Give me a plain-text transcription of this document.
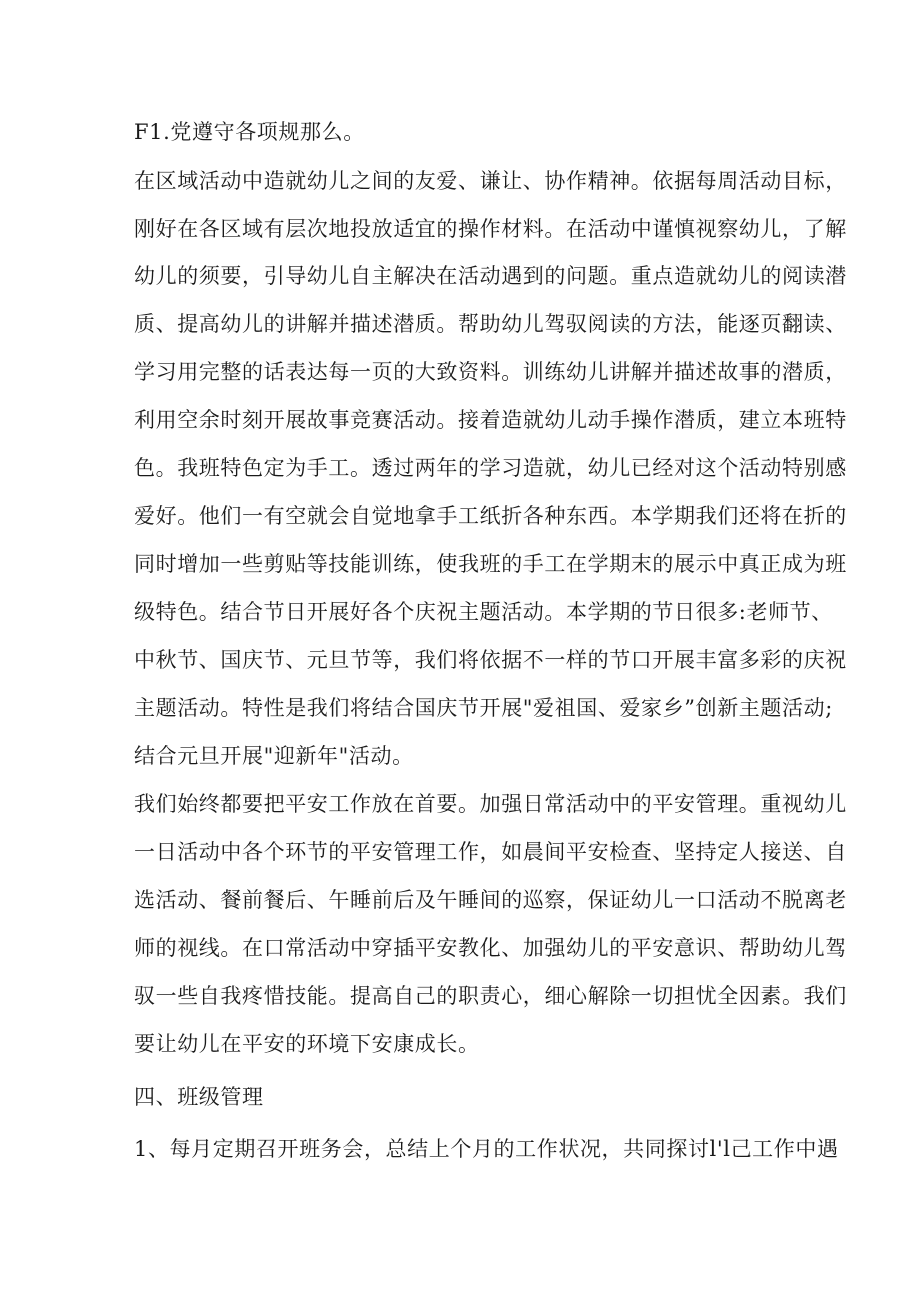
F1.党遵守各项规那么。
在区域活动中造就幼儿之间的友爱、谦让、协作精神。依据每周活动目标，
刚好在各区域有层次地投放适宜的操作材料。在活动中谨慎视察幼儿，了解
幼儿的须要，引导幼儿自主解决在活动遇到的问题。重点造就幼儿的阅读潜
质、提高幼儿的讲解并描述潜质。帮助幼儿驾驭阅读的方法，能逐页翻读、
学习用完整的话表达每一页的大致资料。训练幼儿讲解并描述故事的潜质，
利用空余时刻开展故事竞赛活动。接着造就幼儿动手操作潜质，建立本班特
色。我班特色定为手工。透过两年的学习造就，幼儿已经对这个活动特别感
爱好。他们一有空就会自觉地拿手工纸折各种东西。本学期我们还将在折的
同时增加一些剪贴等技能训练，使我班的手工在学期末的展示中真正成为班
级特色。结合节日开展好各个庆祝主题活动。本学期的节日很多:老师节、
中秋节、国庆节、元旦节等，我们将依据不一样的节口开展丰富多彩的庆祝
主题活动。特性是我们将结合国庆节开展"爱祖国、爱家乡”创新主题活动;
结合元旦开展"迎新年"活动。
我们始终都要把平安工作放在首要。加强日常活动中的平安管理。重视幼儿
一日活动中各个环节的平安管理工作，如晨间平安检查、坚持定人接送、自
选活动、餐前餐后、午睡前后及午睡间的巡察，保证幼儿一口活动不脱离老
师的视线。在口常活动中穿插平安教化、加强幼儿的平安意识、帮助幼儿驾
驭一些自我疼惜技能。提高自己的职责心，细心解除一切担忧全因素。我们
要让幼儿在平安的环境下安康成长。
四、班级管理
1、每月定期召开班务会，总结上个月的工作状况，共同探讨l'l己工作中遇
